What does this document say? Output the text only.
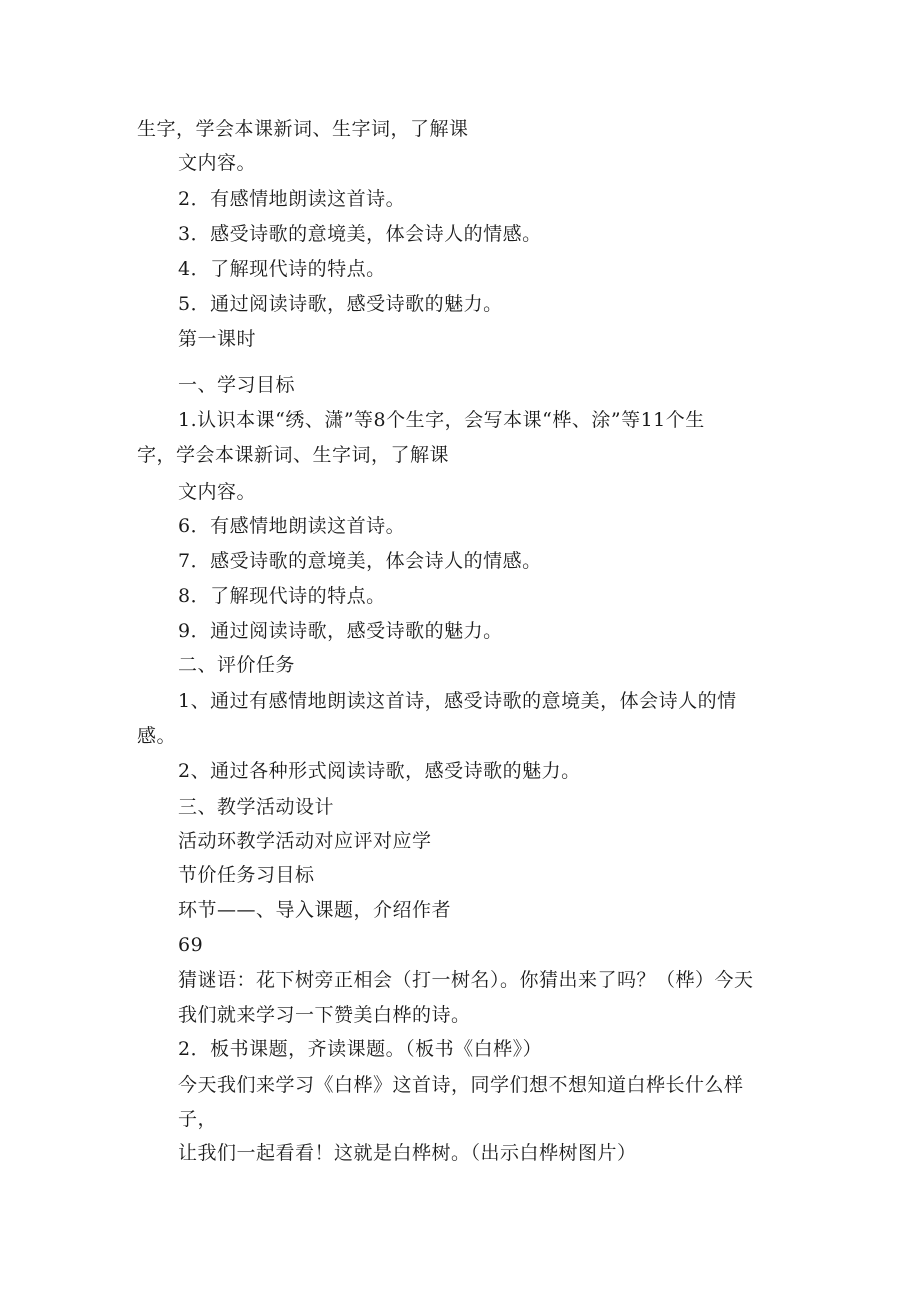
生字，学会本课新词、生字词，了解课
文内容。
2．有感情地朗读这首诗。
3．感受诗歌的意境美，体会诗人的情感。
4．了解现代诗的特点。
5．通过阅读诗歌，感受诗歌的魅力。
第一课时
一、学习目标
1.认识本课“绣、潇”等8个生字，会写本课“桦、涂”等11个生
字，学会本课新词、生字词，了解课
文内容。
6．有感情地朗读这首诗。
7．感受诗歌的意境美，体会诗人的情感。
8．了解现代诗的特点。
9．通过阅读诗歌，感受诗歌的魅力。
二、评价任务
1、通过有感情地朗读这首诗，感受诗歌的意境美，体会诗人的情
感。
2、通过各种形式阅读诗歌，感受诗歌的魅力。
三、教学活动设计
活动环教学活动对应评对应学
节价任务习目标
环节——、导入课题，介绍作者
69
猜谜语：花下树旁正相会（打一树名）。你猜出来了吗？（桦）今天
我们就来学习一下赞美白桦的诗。
2．板书课题，齐读课题。（板书《白桦》）
今天我们来学习《白桦》这首诗，同学们想不想知道白桦长什么样
子，
让我们一起看看！这就是白桦树。（出示白桦树图片）
